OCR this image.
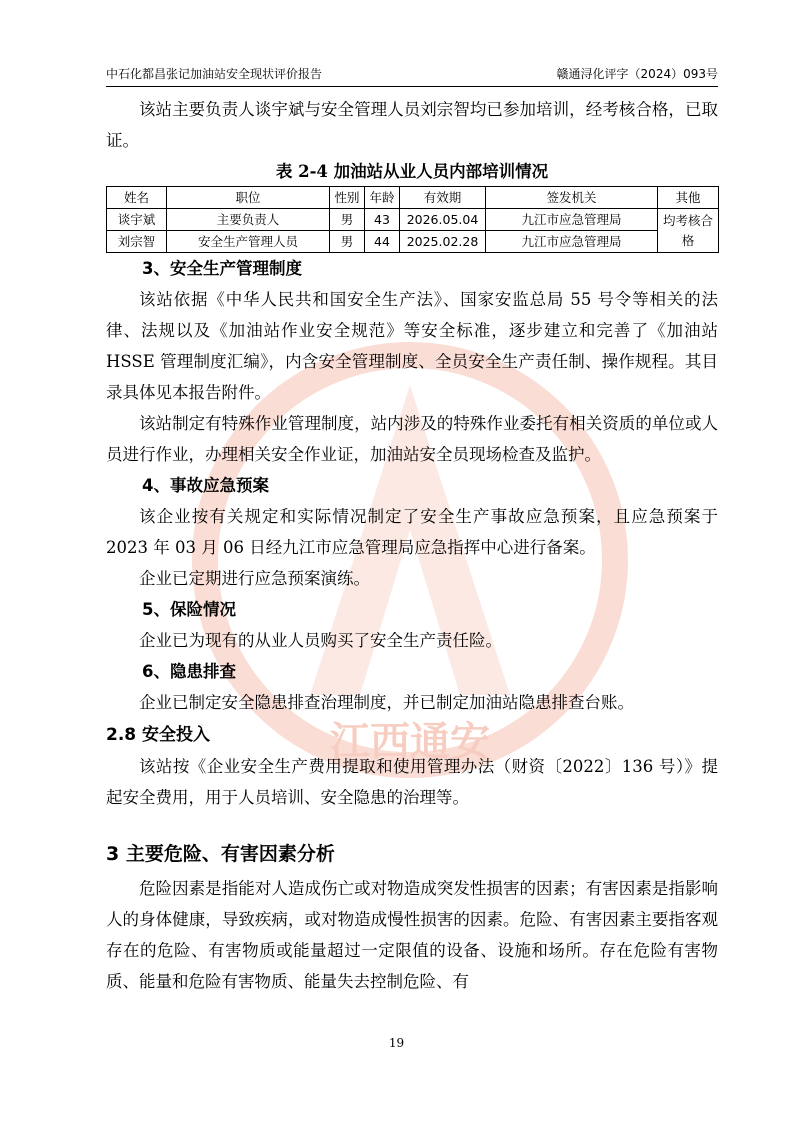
中石化都昌张记加油站安全现状评价报告	赣通浔化评字（2024）093号
江西通安

该站主要负责人谈宇斌与安全管理人员刘宗智均已参加培训，经考核合格，已取证。

表 2-4 加油站从业人员内部培训情况

姓名	职位	性别	年龄	有效期	签发机关	其他
谈宇斌	主要负责人	男	43	2026.05.04	九江市应急管理局	均考核合格
刘宗智	安全生产管理人员	男	44	2025.02.28	九江市应急管理局	

3、安全生产管理制度

该站依据《中华人民共和国安全生产法》、国家安监总局 55 号令等相关的法律、法规以及《加油站作业安全规范》等安全标准，逐步建立和完善了《加油站 HSSE 管理制度汇编》，内含安全管理制度、全员安全生产责任制、操作规程。其目录具体见本报告附件。

该站制定有特殊作业管理制度，站内涉及的特殊作业委托有相关资质的单位或人员进行作业，办理相关安全作业证，加油站安全员现场检查及监护。

4、事故应急预案

该企业按有关规定和实际情况制定了安全生产事故应急预案，且应急预案于 2023 年 03 月 06 日经九江市应急管理局应急指挥中心进行备案。

企业已定期进行应急预案演练。

5、保险情况

企业已为现有的从业人员购买了安全生产责任险。

6、隐患排查

企业已制定安全隐患排查治理制度，并已制定加油站隐患排查台账。

2.8 安全投入

该站按《企业安全生产费用提取和使用管理办法（财资〔2022〕136 号）》提起安全费用，用于人员培训、安全隐患的治理等。

3 主要危险、有害因素分析

危险因素是指能对人造成伤亡或对物造成突发性损害的因素；有害因素是指影响人的身体健康，导致疾病，或对物造成慢性损害的因素。危险、有害因素主要指客观存在的危险、有害物质或能量超过一定限值的设备、设施和场所。存在危险有害物质、能量和危险有害物质、能量失去控制危险、有

19
